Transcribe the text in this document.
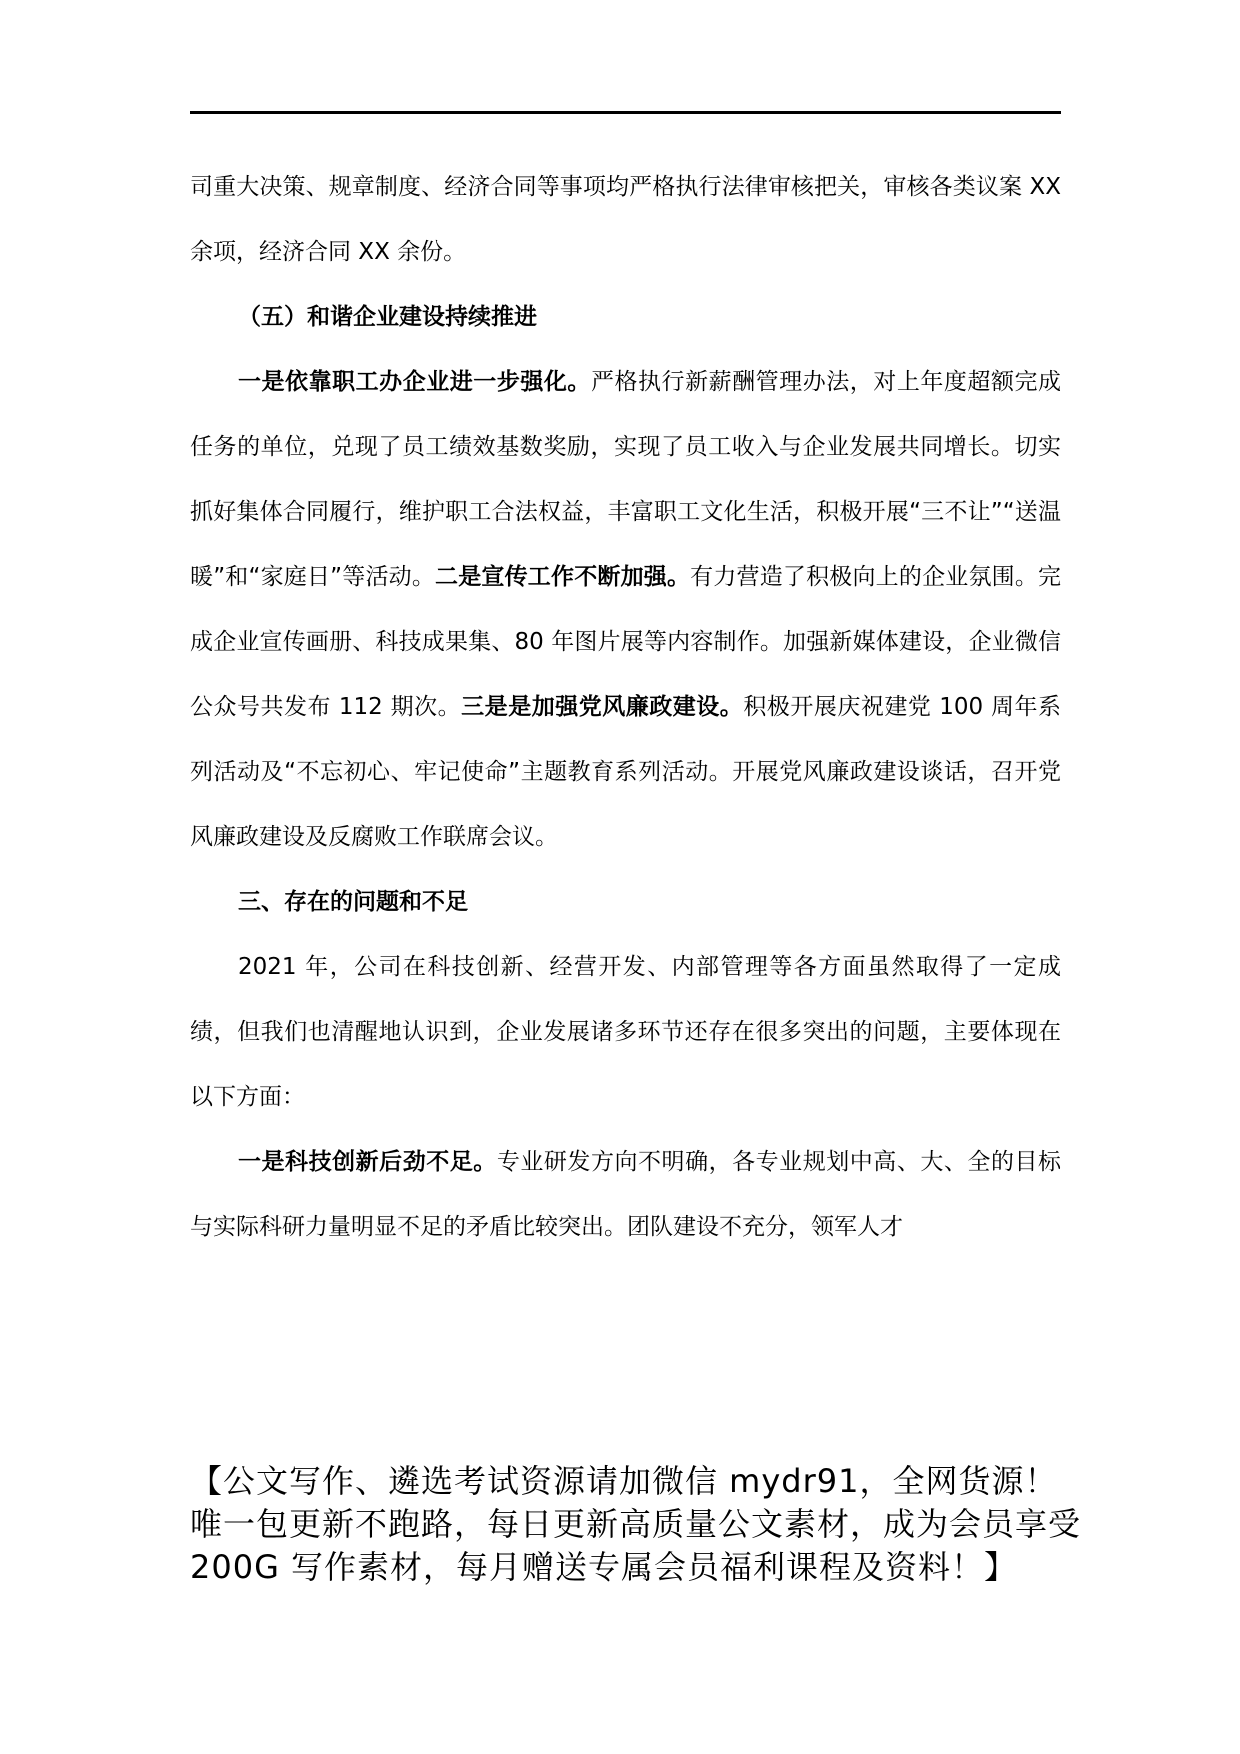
司重大决策、规章制度、经济合同等事项均严格执行法律审核把关，审核各类议案 XX 余项，经济合同 XX 余份。

（五）和谐企业建设持续推进

一是依靠职工办企业进一步强化。严格执行新薪酬管理办法，对上年度超额完成任务的单位，兑现了员工绩效基数奖励，实现了员工收入与企业发展共同增长。切实抓好集体合同履行，维护职工合法权益，丰富职工文化生活，积极开展“三不让”“送温暖”和“家庭日”等活动。二是宣传工作不断加强。有力营造了积极向上的企业氛围。完成企业宣传画册、科技成果集、80 年图片展等内容制作。加强新媒体建设，企业微信公众号共发布 112 期次。三是是加强党风廉政建设。积极开展庆祝建党 100 周年系列活动及“不忘初心、牢记使命”主题教育系列活动。开展党风廉政建设谈话，召开党风廉政建设及反腐败工作联席会议。

三、存在的问题和不足

2021 年，公司在科技创新、经营开发、内部管理等各方面虽然取得了一定成绩，但我们也清醒地认识到，企业发展诸多环节还存在很多突出的问题，主要体现在以下方面：

一是科技创新后劲不足。专业研发方向不明确，各专业规划中高、大、全的目标与实际科研力量明显不足的矛盾比较突出。团队建设不充分，领军人才

【公文写作、遴选考试资源请加微信 mydr91，全网货源！唯一包更新不跑路，每日更新高质量公文素材，成为会员享受 200G 写作素材，每月赠送专属会员福利课程及资料！】
